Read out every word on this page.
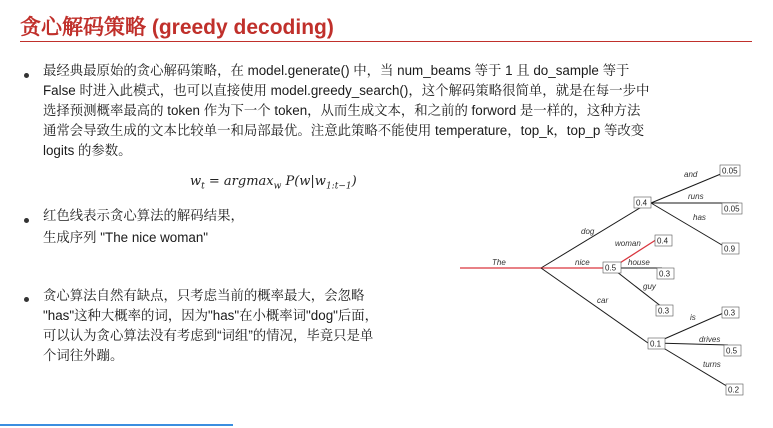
贪心解码策略 (greedy decoding)
最经典最原始的贪心解码策略，在 model.generate() 中，当 num_beams 等于 1 且 do_sample 等于
False 时进入此模式，也可以直接使用 model.greedy_search()，这个解码策略很简单，就是在每一步中
选择预测概率最高的 token 作为下一个 token，从而生成文本，和之前的 forword 是一样的，这种方法
通常会导致生成的文本比较单一和局部最优。注意此策略不能使用 temperature，top_k，top_p 等改变
logits 的参数。
$w_t = argmax_w$ $P(w|w_{1:t-1})$
红色线表示贪心算法的解码结果，
生成序列 "The nice woman"
贪心算法自然有缺点，只考虑当前的概率最大，会忽略
"has"这种大概率的词，因为"has"在小概率词"dog"后面，
可以认为贪心算法没有考虑到“词组”的情况，毕竟只是单
个词往外蹦。
The
dog
nice
car
and
runs
has
woman
house
guy
is
drives
turns
0.4
0.5
0.1
0.05
0.05
0.9
0.4
0.3
0.3	0.3
0.5
0.2
